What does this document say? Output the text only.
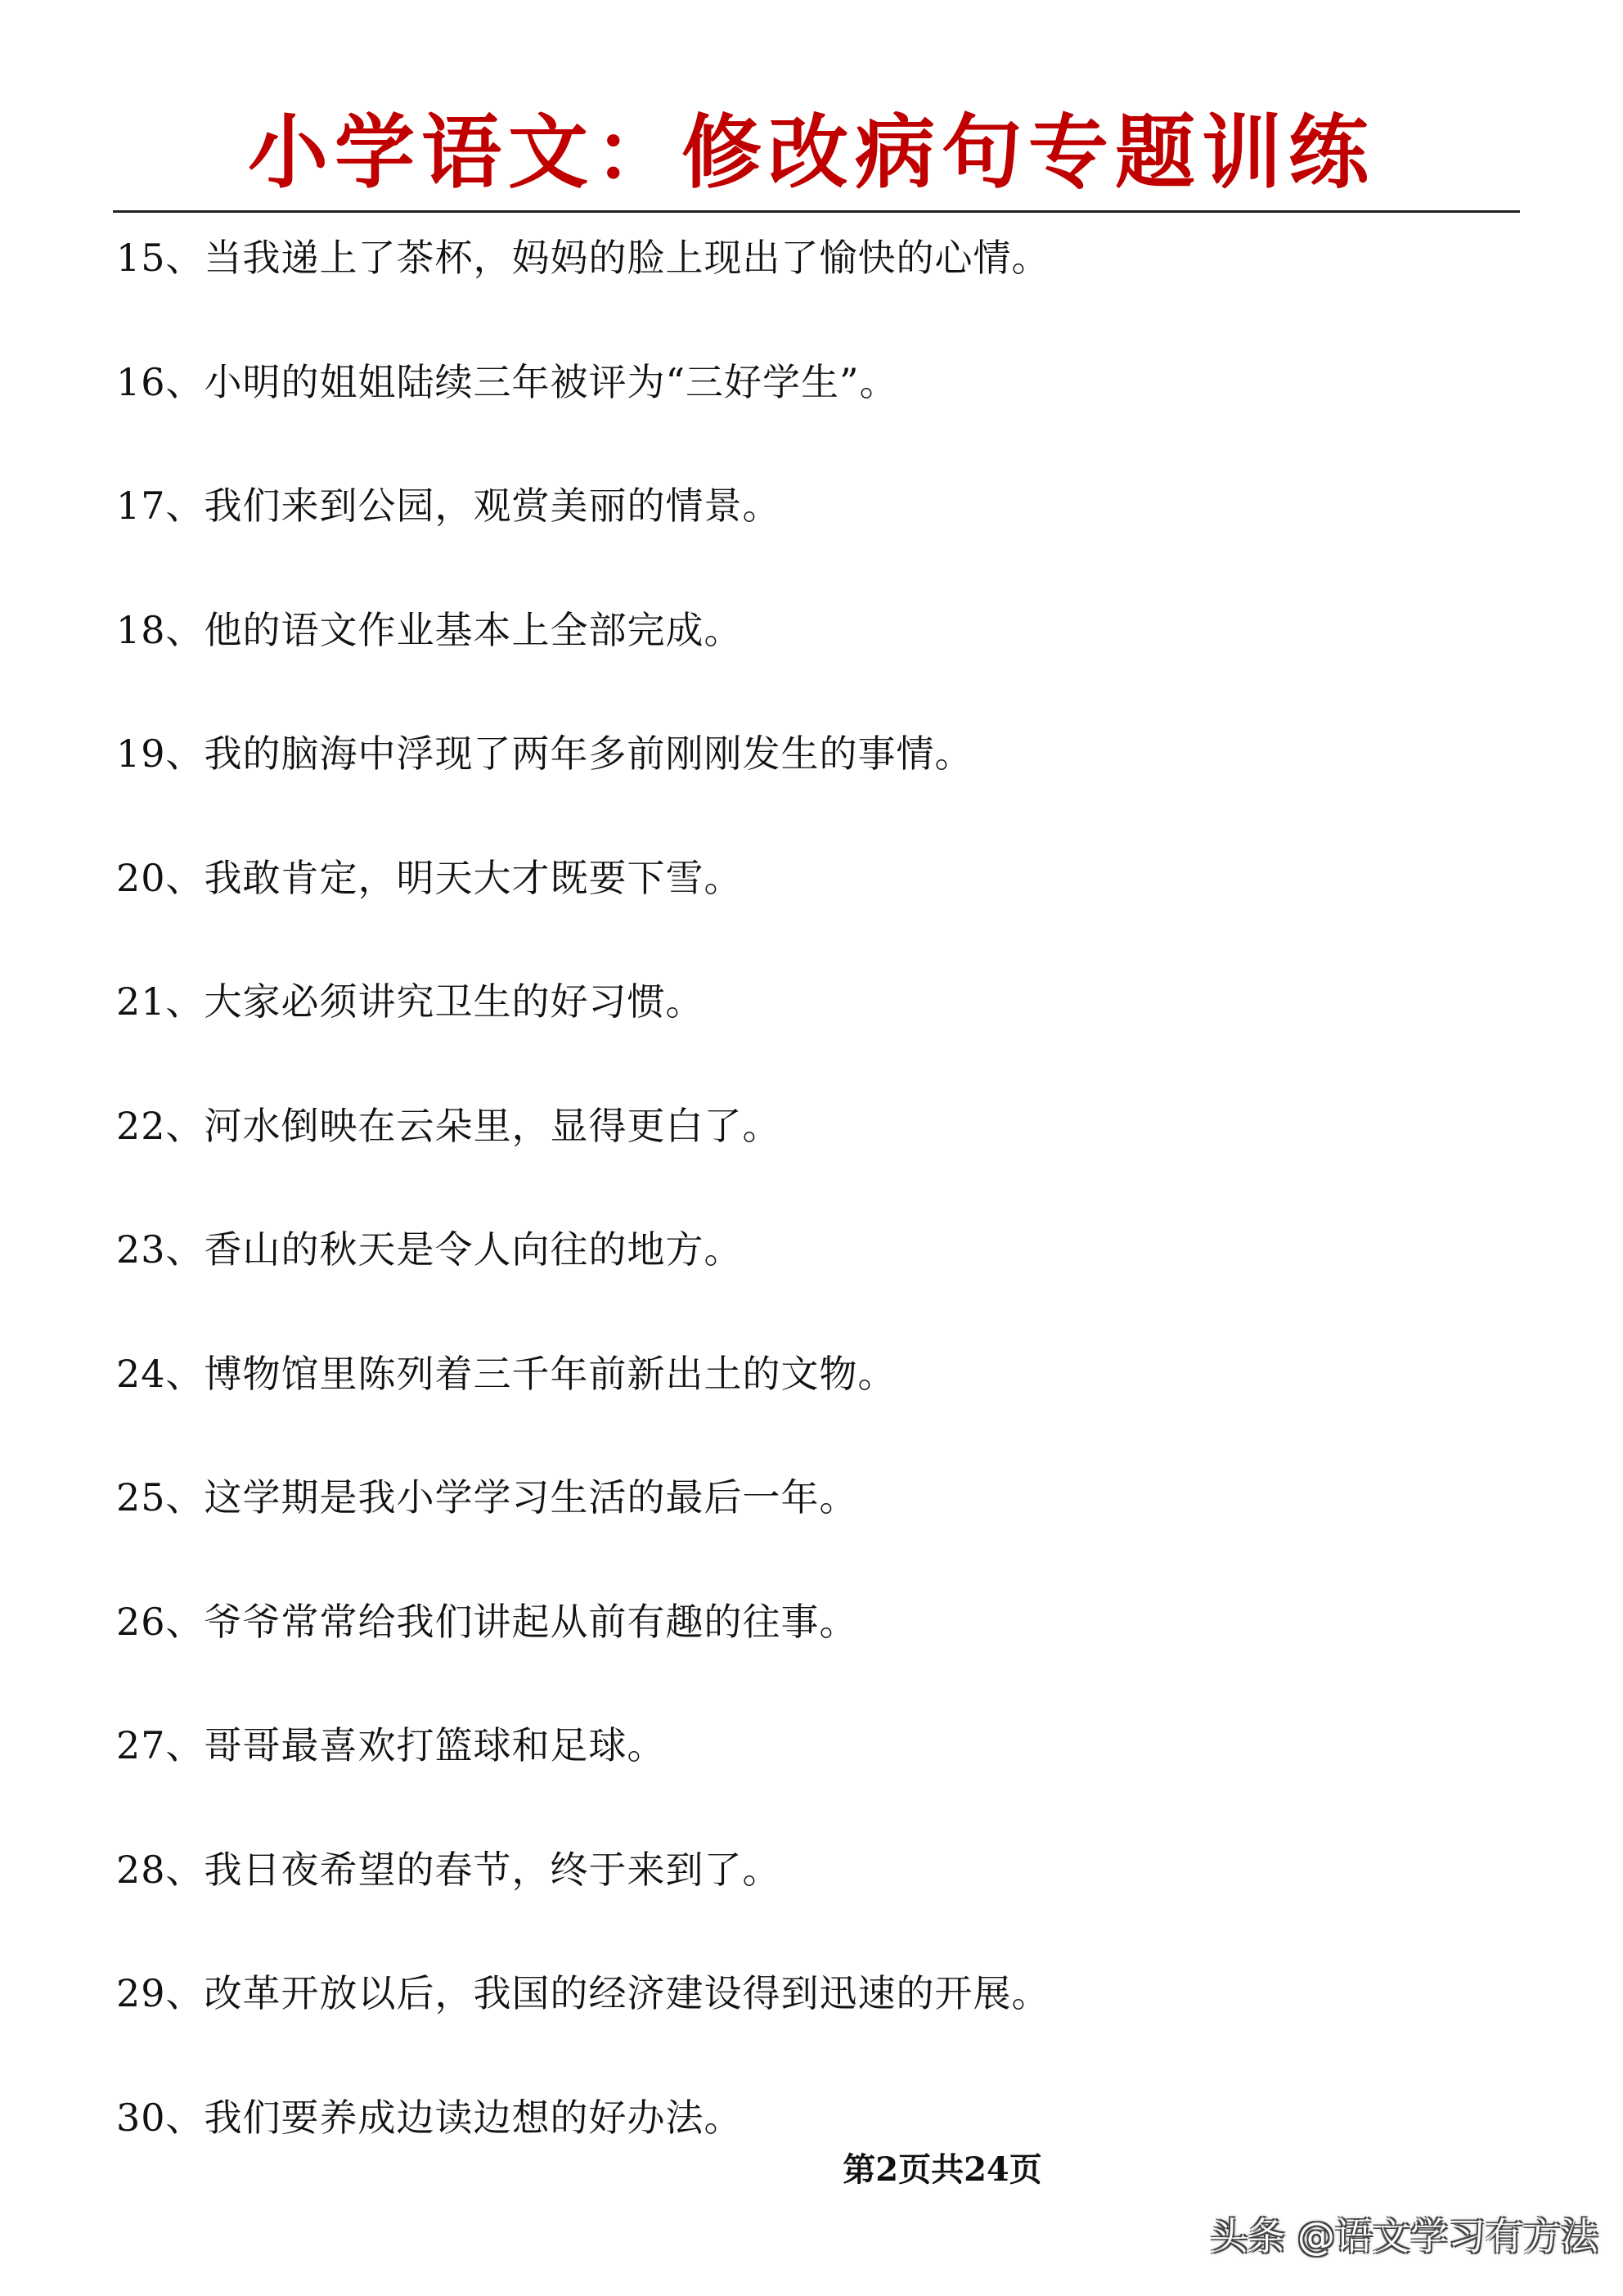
小学语文：修改病句专题训练
15、当我递上了茶杯，妈妈的脸上现出了愉快的心情。
16、小明的姐姐陆续三年被评为“三好学生”。
17、我们来到公园，观赏美丽的情景。
18、他的语文作业基本上全部完成。
19、我的脑海中浮现了两年多前刚刚发生的事情。
20、我敢肯定，明天大才既要下雪。
21、大家必须讲究卫生的好习惯。
22、河水倒映在云朵里，显得更白了。
23、香山的秋天是令人向往的地方。
24、博物馆里陈列着三千年前新出土的文物。
25、这学期是我小学学习生活的最后一年。
26、爷爷常常给我们讲起从前有趣的往事。
27、哥哥最喜欢打篮球和足球。
28、我日夜希望的春节，终于来到了。
29、改革开放以后，我国的经济建设得到迅速的开展。
30、我们要养成边读边想的好办法。
第2页共24页
头条 @语文学习有方法
